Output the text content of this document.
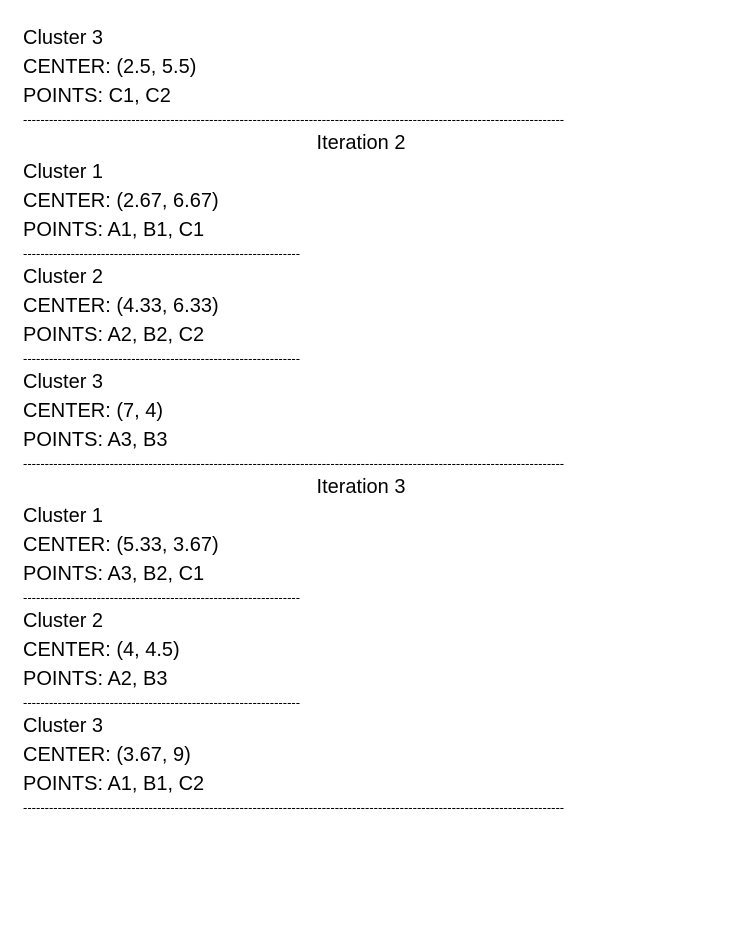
Cluster 3
CENTER: (2.5, 5.5)
POINTS: C1, C2
-----------------------------------------------------------------------------------------------------------------------------
Iteration 2
Cluster 1
CENTER: (2.67, 6.67)
POINTS: A1, B1, C1
----------------------------------------------------------------
Cluster 2
CENTER: (4.33, 6.33)
POINTS: A2, B2, C2
----------------------------------------------------------------
Cluster 3
CENTER: (7, 4)
POINTS: A3, B3
-----------------------------------------------------------------------------------------------------------------------------
Iteration 3
Cluster 1
CENTER: (5.33, 3.67)
POINTS: A3, B2, C1
----------------------------------------------------------------
Cluster 2
CENTER: (4, 4.5)
POINTS: A2, B3
----------------------------------------------------------------
Cluster 3
CENTER: (3.67, 9)
POINTS: A1, B1, C2
-----------------------------------------------------------------------------------------------------------------------------
